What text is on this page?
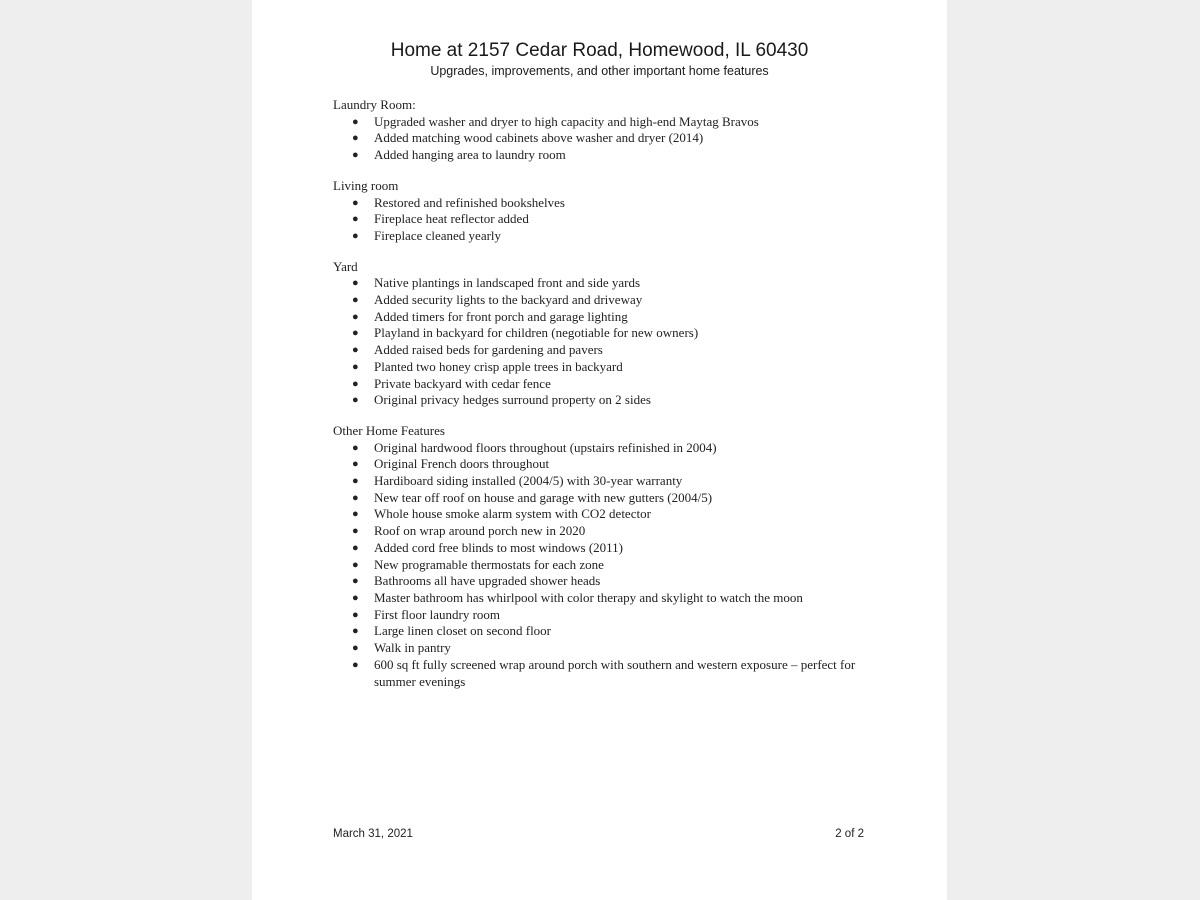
Home at 2157 Cedar Road, Homewood, IL 60430
Upgrades, improvements, and other important home features
Laundry Room:
● Upgraded washer and dryer to high capacity and high-end Maytag Bravos
● Added matching wood cabinets above washer and dryer (2014)
● Added hanging area to laundry room
Living room
● Restored and refinished bookshelves
● Fireplace heat reflector added
● Fireplace cleaned yearly
Yard
● Native plantings in landscaped front and side yards
● Added security lights to the backyard and driveway
● Added timers for front porch and garage lighting
● Playland in backyard for children (negotiable for new owners)
● Added raised beds for gardening and pavers
● Planted two honey crisp apple trees in backyard
● Private backyard with cedar fence
● Original privacy hedges surround property on 2 sides
Other Home Features
● Original hardwood floors throughout (upstairs refinished in 2004)
● Original French doors throughout
● Hardiboard siding installed (2004/5) with 30-year warranty
● New tear off roof on house and garage with new gutters (2004/5)
● Whole house smoke alarm system with CO2 detector
● Roof on wrap around porch new in 2020
● Added cord free blinds to most windows (2011)
● New programable thermostats for each zone
● Bathrooms all have upgraded shower heads
● Master bathroom has whirlpool with color therapy and skylight to watch the moon
● First floor laundry room
● Large linen closet on second floor
● Walk in pantry
● 600 sq ft fully screened wrap around porch with southern and western exposure – perfect for summer evenings
March 31, 2021	2 of 2
